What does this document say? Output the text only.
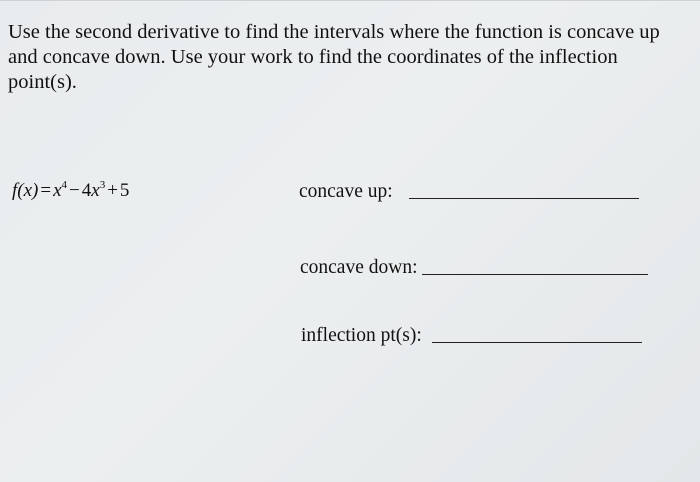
Use the second derivative to find the intervals where the function is concave up and concave down. Use your work to find the coordinates of the inflection point(s).

$f(x) = x^4 - 4x^3 + 5$	concave up:
concave down:
inflection pt(s):
